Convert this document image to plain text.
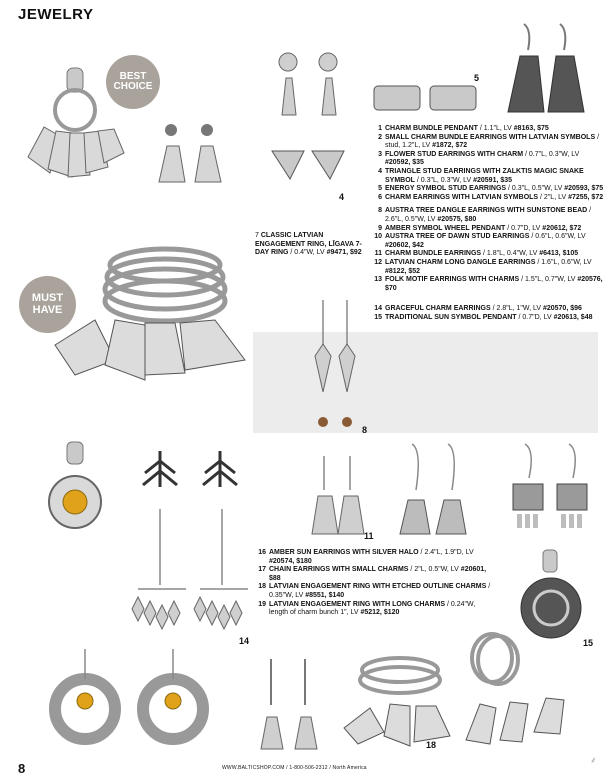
JEWELRY
BEST CHOICE
4
5
1 CHARM BUNDLE PENDANT / 1.1"L, LV #8163, $75
2 SMALL CHARM BUNDLE EARRINGS WITH LATVIAN SYMBOLS / stud, 1.2"L, LV #1872, $72
3 FLOWER STUD EARRINGS WITH CHARM / 0.7"L, 0.3"W, LV #20592, $35
4 TRIANGLE STUD EARRINGS WITH ZALKTIS MAGIC SNAKE SYMBOL / 0.3"L, 0.3"W, LV #20591, $35
5 ENERGY SYMBOL STUD EARRINGS / 0.3"L, 0.5"W, LV #20593, $75
6 CHARM EARRINGS WITH LATVIAN SYMBOLS / 2"L, LV #7255, $72
8 AUSTRA TREE DANGLE EARRINGS WITH SUNSTONE BEAD / 2.6"L, 0.5"W, LV #20575, $80
9 AMBER SYMBOL WHEEL PENDANT / 0.7"D, LV #20612, $72
10 AUSTRA TREE OF DAWN STUD EARRINGS / 0.6"L, 0.6"W, LV #20602, $42
11 CHARM BUNDLE EARRINGS / 1.8"L, 0.4"W, LV #6413, $105
12 LATVIAN CHARM LONG DANGLE EARRINGS / 1.6"L, 0.6"W, LV #8122, $52
13 FOLK MOTIF EARRINGS WITH CHARMS / 1.5"L, 0.7"W, LV #20576, $70
14 GRACEFUL CHARM EARRINGS / 2.8"L, 1"W, LV #20570, $96
15 TRADITIONAL SUN SYMBOL PENDANT / 0.7"D, LV #20613, $48
7 CLASSIC LATVIAN ENGAGEMENT RING, LĪGAVA 7-DAY RING / 0.4"W, LV #9471, $92
MUST HAVE
8
11
16 AMBER SUN EARRINGS WITH SILVER HALO / 2.4"L, 1.9"D, LV #20574, $180
17 CHAIN EARRINGS WITH SMALL CHARMS / 2"L, 0.5"W, LV #20601, $88
18 LATVIAN ENGAGEMENT RING WITH ETCHED OUTLINE CHARMS / 0.35"W, LV #8551, $140
19 LATVIAN ENGAGEMENT RING WITH LONG CHARMS / 0.24"W, length of charm bunch 1", LV #5212, $120
14	15
18
8	WWW.BALTICSHOP.COM / 1-800-506-2312 / North America
⸙
